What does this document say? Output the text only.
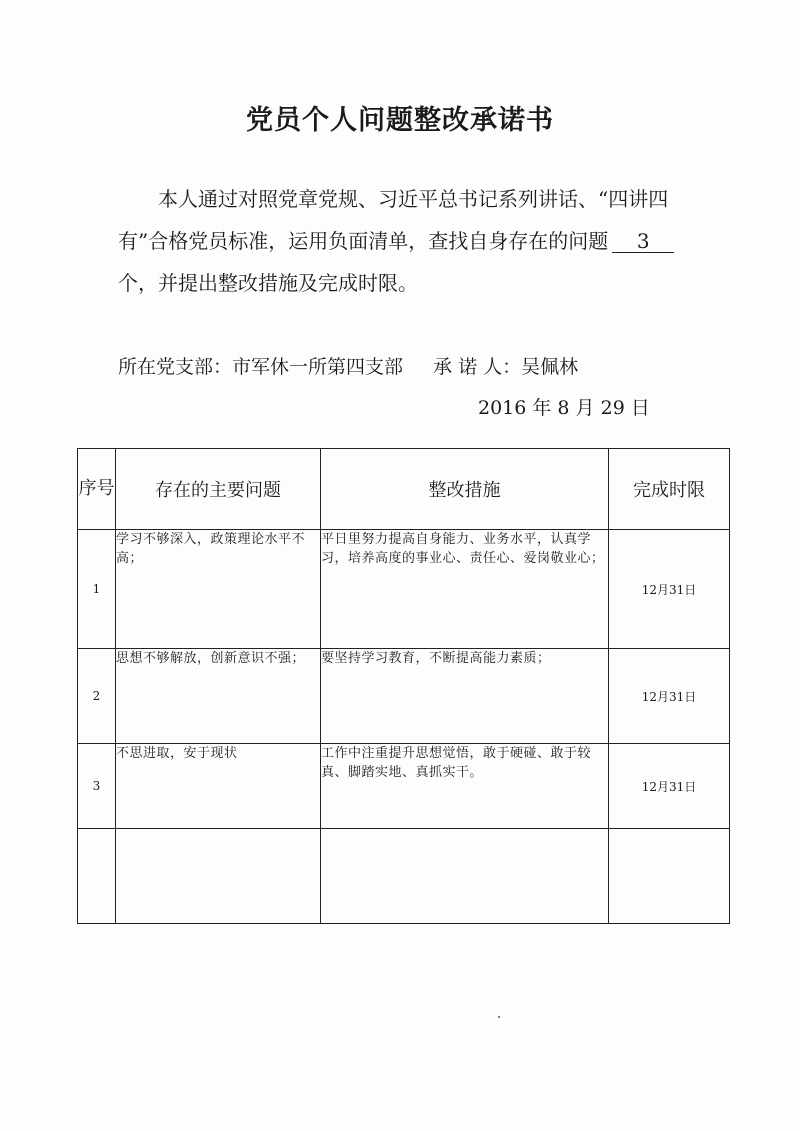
党员个人问题整改承诺书

本人通过对照党章党规、习近平总书记系列讲话、“四讲四有”合格党员标准，运用负面清单，查找自身存在的问题 3个，并提出整改措施及完成时限。

所在党支部：市军休一所第四支部 承 诺 人：吴佩林
2016 年 8 月 29 日
序号	存在的主要问题	整改措施	完成时限
1	学习不够深入，政策理论水平不高；	平日里努力提高自身能力、业务水平，认真学习，培养高度的事业心、责任心、爱岗敬业心；	12月31日
2	思想不够解放，创新意识不强；	要坚持学习教育，不断提高能力素质；	12月31日
3	不思进取，安于现状	工作中注重提升思想觉悟，敢于硬碰、敢于较真、脚踏实地、真抓实干。	12月31日
